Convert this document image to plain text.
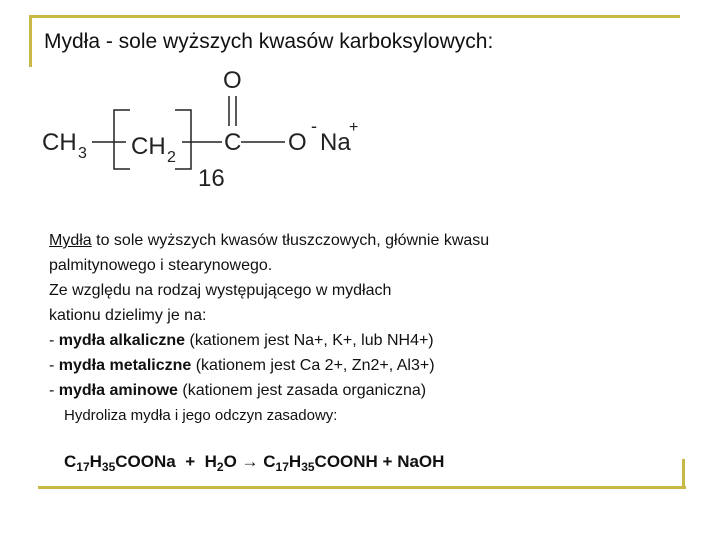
Mydła - sole wyższych kwasów karboksylowych:
CH 3 CH 2
C
O
O
-
Na
+
16

Mydła to sole wyższych kwasów tłuszczowych, głównie kwasu

palmitynowego i stearynowego.

Ze względu na rodzaj występującego w mydłach

kationu dzielimy je na:

- mydła alkaliczne (kationem jest Na+, K+, lub NH4+)

- mydła metaliczne (kationem jest Ca 2+, Zn2+, Al3+)

- mydła aminowe (kationem jest zasada organiczna)

Hydroliza mydła i jego odczyn zasadowy:
$C_{17}H_{35}COONa + H_2O$ → $C_{17}H_{35}COONH$ + NaOH
